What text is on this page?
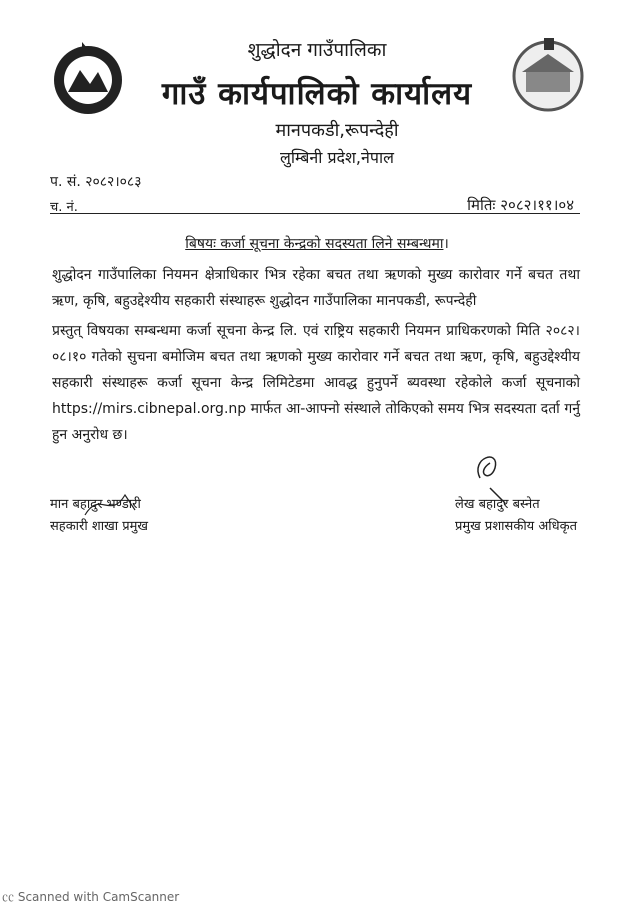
शुद्धोदन गाउँपालिका
गाउँ कार्यपालिको कार्यालय
मानपकडी,रूपन्देही
लुम्बिनी प्रदेश,नेपाल
प. सं. २०८२।०८३
च. नं.	मितिः २०८२।११।०४
बिषयः कर्जा सूचना केन्द्रको सदस्यता लिने सम्बन्धमा।
शुद्धोदन गाउँपालिका नियमन क्षेत्राधिकार भित्र रहेका बचत तथा ऋणको मुख्य कारोवार गर्ने बचत तथा ऋण, कृषि, बहुउद्देश्यीय सहकारी संस्थाहरू शुद्धोदन गाउँपालिका मानपकडी, रूपन्देही
प्रस्तुत् विषयका सम्बन्धमा कर्जा सूचना केन्द्र लि. एवं राष्ट्रिय सहकारी नियमन प्राधिकरणको मिति २०८२।०८।१० गतेको सुचना बमोजिम बचत तथा ऋणको मुख्य कारोवार गर्ने बचत तथा ऋण, कृषि, बहुउद्देश्यीय सहकारी संस्थाहरू कर्जा सूचना केन्द्र लिमिटेडमा आवद्ध हुनुपर्ने ब्यवस्था रहेकोले कर्जा सूचनाको https://mirs.cibnepal.org.np मार्फत आ-आफ्नो संस्थाले तोकिएको समय भित्र सदस्यता दर्ता गर्नु हुन अनुरोध छ।
मान बहादुर भण्डारी
सहकारी शाखा प्रमुख
लेख बहादुर बस्नेत
प्रमुख प्रशासकीय अधिकृत
㏄ Scanned with CamScanner
